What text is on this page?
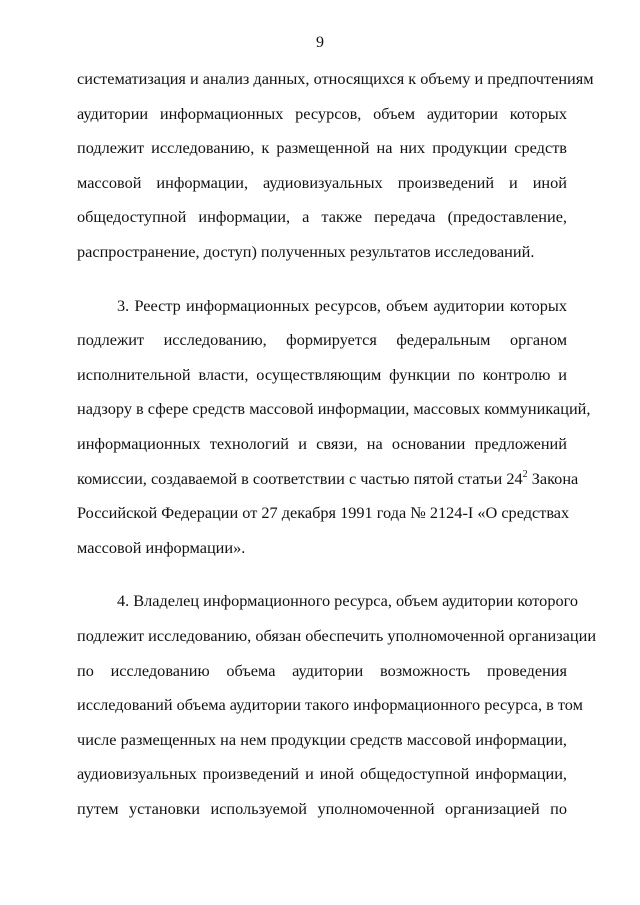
9
систематизация и анализ данных, относящихся к объему и предпочтениям
аудитории информационных ресурсов, объем аудитории которых
подлежит исследованию, к размещенной на них продукции средств
массовой информации, аудиовизуальных произведений и иной
общедоступной информации, а также передача (предоставление,
распространение, доступ) полученных результатов исследований.
3. Реестр информационных ресурсов, объем аудитории которых
подлежит исследованию, формируется федеральным органом
исполнительной власти, осуществляющим функции по контролю и
надзору в сфере средств массовой информации, массовых коммуникаций,
информационных технологий и связи, на основании предложений
комиссии, создаваемой в соответствии с частью пятой статьи $24^2$ Закона
Российской Федерации от 27 декабря 1991 года № 2124-I «О средствах
массовой информации».
4. Владелец информационного ресурса, объем аудитории которого
подлежит исследованию, обязан обеспечить уполномоченной организации
по исследованию объема аудитории возможность проведения
исследований объема аудитории такого информационного ресурса, в том
числе размещенных на нем продукции средств массовой информации,
аудиовизуальных произведений и иной общедоступной информации,
путем установки используемой уполномоченной организацией по
